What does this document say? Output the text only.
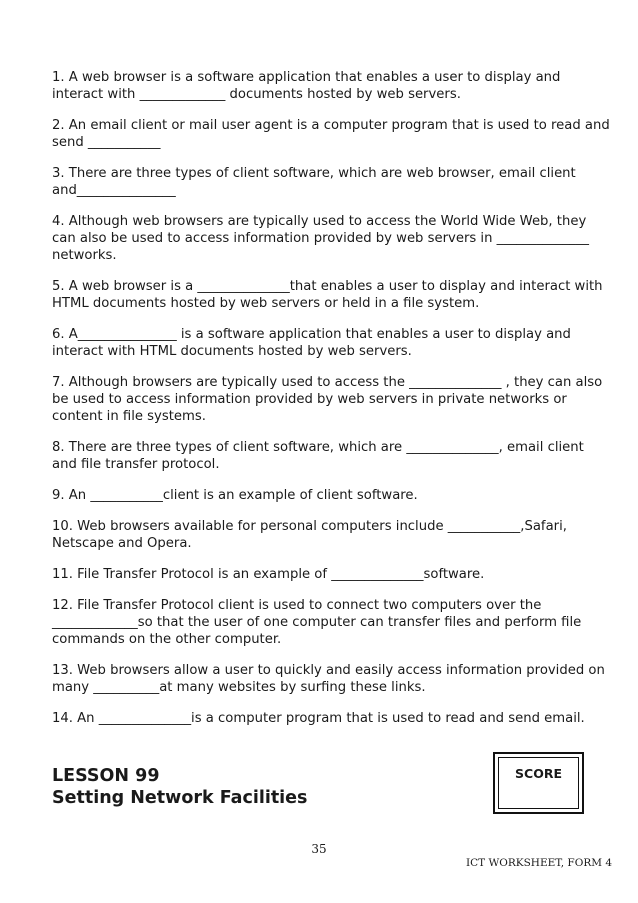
1. A web browser is a software application that enables a user to display and interact with _____________ documents hosted by web servers.

2. An email client or mail user agent is a computer program that is used to read and send ___________

3. There are three types of client software, which are web browser, email client and_______________

4. Although web browsers are typically used to access the World Wide Web, they can also be used to access information provided by web servers in ______________ networks.

5. A web browser is a ______________that enables a user to display and interact with HTML documents hosted by web servers or held in a file system.

6. A_______________ is a software application that enables a user to display and interact with HTML documents hosted by web servers.

7. Although browsers are typically used to access the ______________ , they can also be used to access information provided by web servers in private networks or content in file systems.

8. There are three types of client software, which are ______________, email client and file transfer protocol.

9. An ___________client is an example of client software.

10. Web browsers available for personal computers include ___________,Safari, Netscape and Opera.

11. File Transfer Protocol is an example of ______________software.

12. File Transfer Protocol client is used to connect two computers over the _____________so that the user of one computer can transfer files and perform file commands on the other computer.

13. Web browsers allow a user to quickly and easily access information provided on many __________at many websites by surfing these links.

14. An ______________is a computer program that is used to read and send email.

LESSON 99
Setting Network Facilities
SCORE
35
ICT WORKSHEET, FORM 4
